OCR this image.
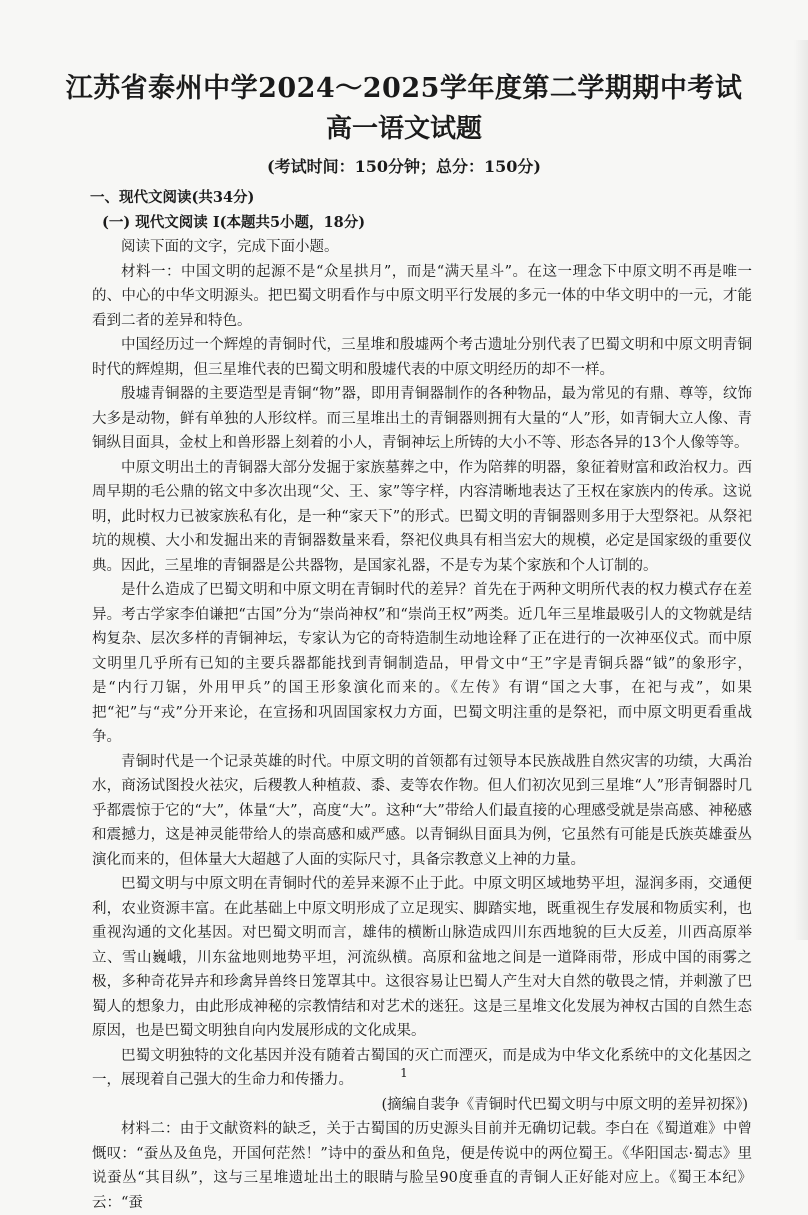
江苏省泰州中学2024～2025学年度第二学期期中考试
高一语文试题
(考试时间：150分钟；总分：150分)

一、现代文阅读(共34分)

(一) 现代文阅读 I(本题共5小题，18分)

阅读下面的文字，完成下面小题。

材料一：中国文明的起源不是“众星拱月”，而是“满天星斗”。在这一理念下中原文明不再是唯一的、中心的中华文明源头。把巴蜀文明看作与中原文明平行发展的多元一体的中华文明中的一元，才能看到二者的差异和特色。

中国经历过一个辉煌的青铜时代，三星堆和殷墟两个考古遗址分别代表了巴蜀文明和中原文明青铜时代的辉煌期，但三星堆代表的巴蜀文明和殷墟代表的中原文明经历的却不一样。

殷墟青铜器的主要造型是青铜“物”器，即用青铜器制作的各种物品，最为常见的有鼎、尊等，纹饰大多是动物，鲜有单独的人形纹样。而三星堆出土的青铜器则拥有大量的“人”形，如青铜大立人像、青铜纵目面具，金杖上和兽形器上刻着的小人，青铜神坛上所铸的大小不等、形态各异的13个人像等等。

中原文明出土的青铜器大部分发掘于家族墓葬之中，作为陪葬的明器，象征着财富和政治权力。西周早期的毛公鼎的铭文中多次出现“父、王、家”等字样，内容清晰地表达了王权在家族内的传承。这说明，此时权力已被家族私有化，是一种“家天下”的形式。巴蜀文明的青铜器则多用于大型祭祀。从祭祀坑的规模、大小和发掘出来的青铜器数量来看，祭祀仪典具有相当宏大的规模，必定是国家级的重要仪典。因此，三星堆的青铜器是公共器物，是国家礼器，不是专为某个家族和个人订制的。

是什么造成了巴蜀文明和中原文明在青铜时代的差异？首先在于两种文明所代表的权力模式存在差异。考古学家李伯谦把“古国”分为“崇尚神权”和“崇尚王权”两类。近几年三星堆最吸引人的文物就是结构复杂、层次多样的青铜神坛，专家认为它的奇特造制生动地诠释了正在进行的一次神巫仪式。而中原文明里几乎所有已知的主要兵器都能找到青铜制造品，甲骨文中“王”字是青铜兵器“钺”的象形字，是“内行刀锯，外用甲兵”的国王形象演化而来的。《左传》有谓“国之大事，在祀与戎”，如果把“祀”与“戎”分开来论，在宣扬和巩固国家权力方面，巴蜀文明注重的是祭祀，而中原文明更看重战争。

青铜时代是一个记录英雄的时代。中原文明的首领都有过领导本民族战胜自然灾害的功绩，大禹治水，商汤试图投火祛灾，后稷教人种植菽、黍、麦等农作物。但人们初次见到三星堆“人”形青铜器时几乎都震惊于它的“大”，体量“大”，高度“大”。这种“大”带给人们最直接的心理感受就是崇高感、神秘感和震撼力，这是神灵能带给人的崇高感和威严感。以青铜纵目面具为例，它虽然有可能是氏族英雄蚕丛演化而来的，但体量大大超越了人面的实际尺寸，具备宗教意义上神的力量。

巴蜀文明与中原文明在青铜时代的差异来源不止于此。中原文明区域地势平坦，湿润多雨，交通便利，农业资源丰富。在此基础上中原文明形成了立足现实、脚踏实地，既重视生存发展和物质实利，也重视沟通的文化基因。对巴蜀文明而言，雄伟的横断山脉造成四川东西地貌的巨大反差，川西高原举立、雪山巍峨，川东盆地则地势平坦，河流纵横。高原和盆地之间是一道降雨带，形成中国的雨雾之极，多种奇花异卉和珍禽异兽终日笼罩其中。这很容易让巴蜀人产生对大自然的敬畏之情，并刺激了巴蜀人的想象力，由此形成神秘的宗教情结和对艺术的迷狂。这是三星堆文化发展为神权古国的自然生态原因，也是巴蜀文明独自向内发展形成的文化成果。

巴蜀文明独特的文化基因并没有随着古蜀国的灭亡而湮灭，而是成为中华文化系统中的文化基因之一，展现着自己强大的生命力和传播力。

(摘编自裴争《青铜时代巴蜀文明与中原文明的差异初探》)

材料二：由于文献资料的缺乏，关于古蜀国的历史源头目前并无确切记载。李白在《蜀道难》中曾慨叹：“蚕丛及鱼凫，开国何茫然！”诗中的蚕丛和鱼凫，便是传说中的两位蜀王。《华阳国志·蜀志》里说蚕丛“其目纵”，这与三星堆遗址出土的眼睛与脸呈90度垂直的青铜人正好能对应上。《蜀王本纪》云：“蚕

1
